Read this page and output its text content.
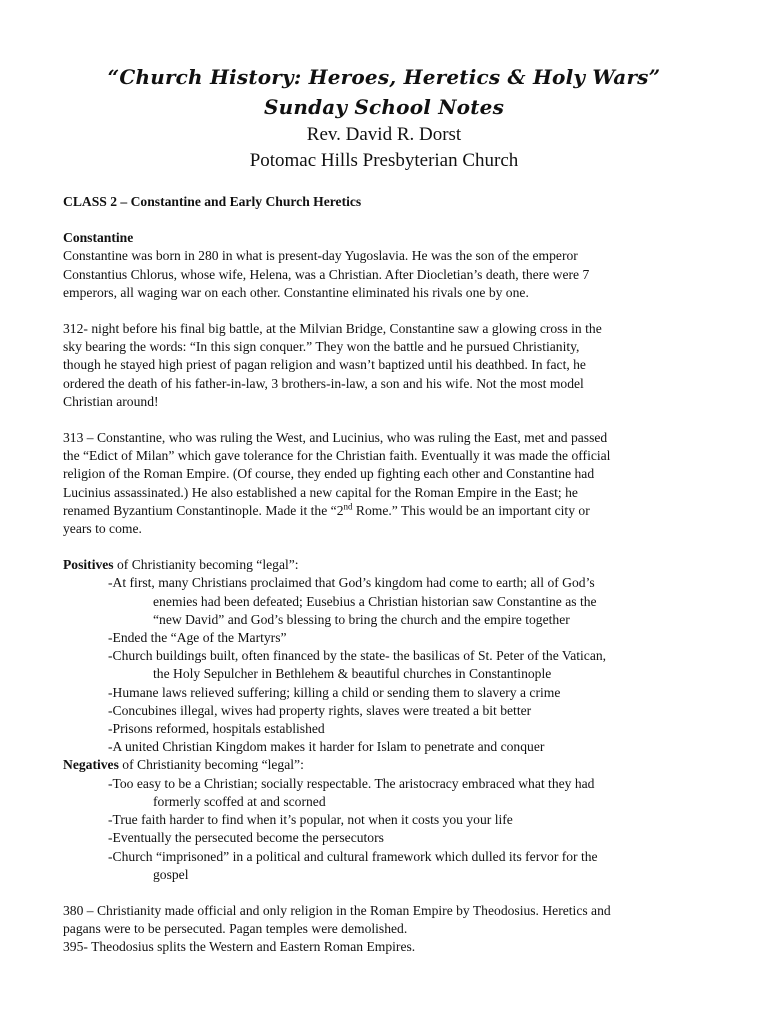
“Church History: Heroes, Heretics & Holy Wars”
Sunday School Notes
Rev. David R. Dorst
Potomac Hills Presbyterian Church

CLASS 2 – Constantine and Early Church Heretics

Constantine

Constantine was born in 280 in what is present-day Yugoslavia. He was the son of the emperor

Constantius Chlorus, whose wife, Helena, was a Christian. After Diocletian’s death, there were 7

emperors, all waging war on each other. Constantine eliminated his rivals one by one.

312- night before his final big battle, at the Milvian Bridge, Constantine saw a glowing cross in the

sky bearing the words: “In this sign conquer.” They won the battle and he pursued Christianity,

though he stayed high priest of pagan religion and wasn’t baptized until his deathbed. In fact, he

ordered the death of his father-in-law, 3 brothers-in-law, a son and his wife. Not the most model

Christian around!

313 – Constantine, who was ruling the West, and Lucinius, who was ruling the East, met and passed

the “Edict of Milan” which gave tolerance for the Christian faith. Eventually it was made the official

religion of the Roman Empire. (Of course, they ended up fighting each other and Constantine had

Lucinius assassinated.) He also established a new capital for the Roman Empire in the East; he

renamed Byzantium Constantinople. Made it the “2nd Rome.” This would be an important city or

years to come.

Positives of Christianity becoming “legal”:

-At first, many Christians proclaimed that God’s kingdom had come to earth; all of God’s

enemies had been defeated; Eusebius a Christian historian saw Constantine as the

“new David” and God’s blessing to bring the church and the empire together

-Ended the “Age of the Martyrs”

-Church buildings built, often financed by the state- the basilicas of St. Peter of the Vatican,

the Holy Sepulcher in Bethlehem & beautiful churches in Constantinople

-Humane laws relieved suffering; killing a child or sending them to slavery a crime

-Concubines illegal, wives had property rights, slaves were treated a bit better

-Prisons reformed, hospitals established

-A united Christian Kingdom makes it harder for Islam to penetrate and conquer

Negatives of Christianity becoming “legal”:

-Too easy to be a Christian; socially respectable. The aristocracy embraced what they had

formerly scoffed at and scorned

-True faith harder to find when it’s popular, not when it costs you your life

-Eventually the persecuted become the persecutors

-Church “imprisoned” in a political and cultural framework which dulled its fervor for the

gospel

380 – Christianity made official and only religion in the Roman Empire by Theodosius. Heretics and

pagans were to be persecuted. Pagan temples were demolished.

395- Theodosius splits the Western and Eastern Roman Empires.
